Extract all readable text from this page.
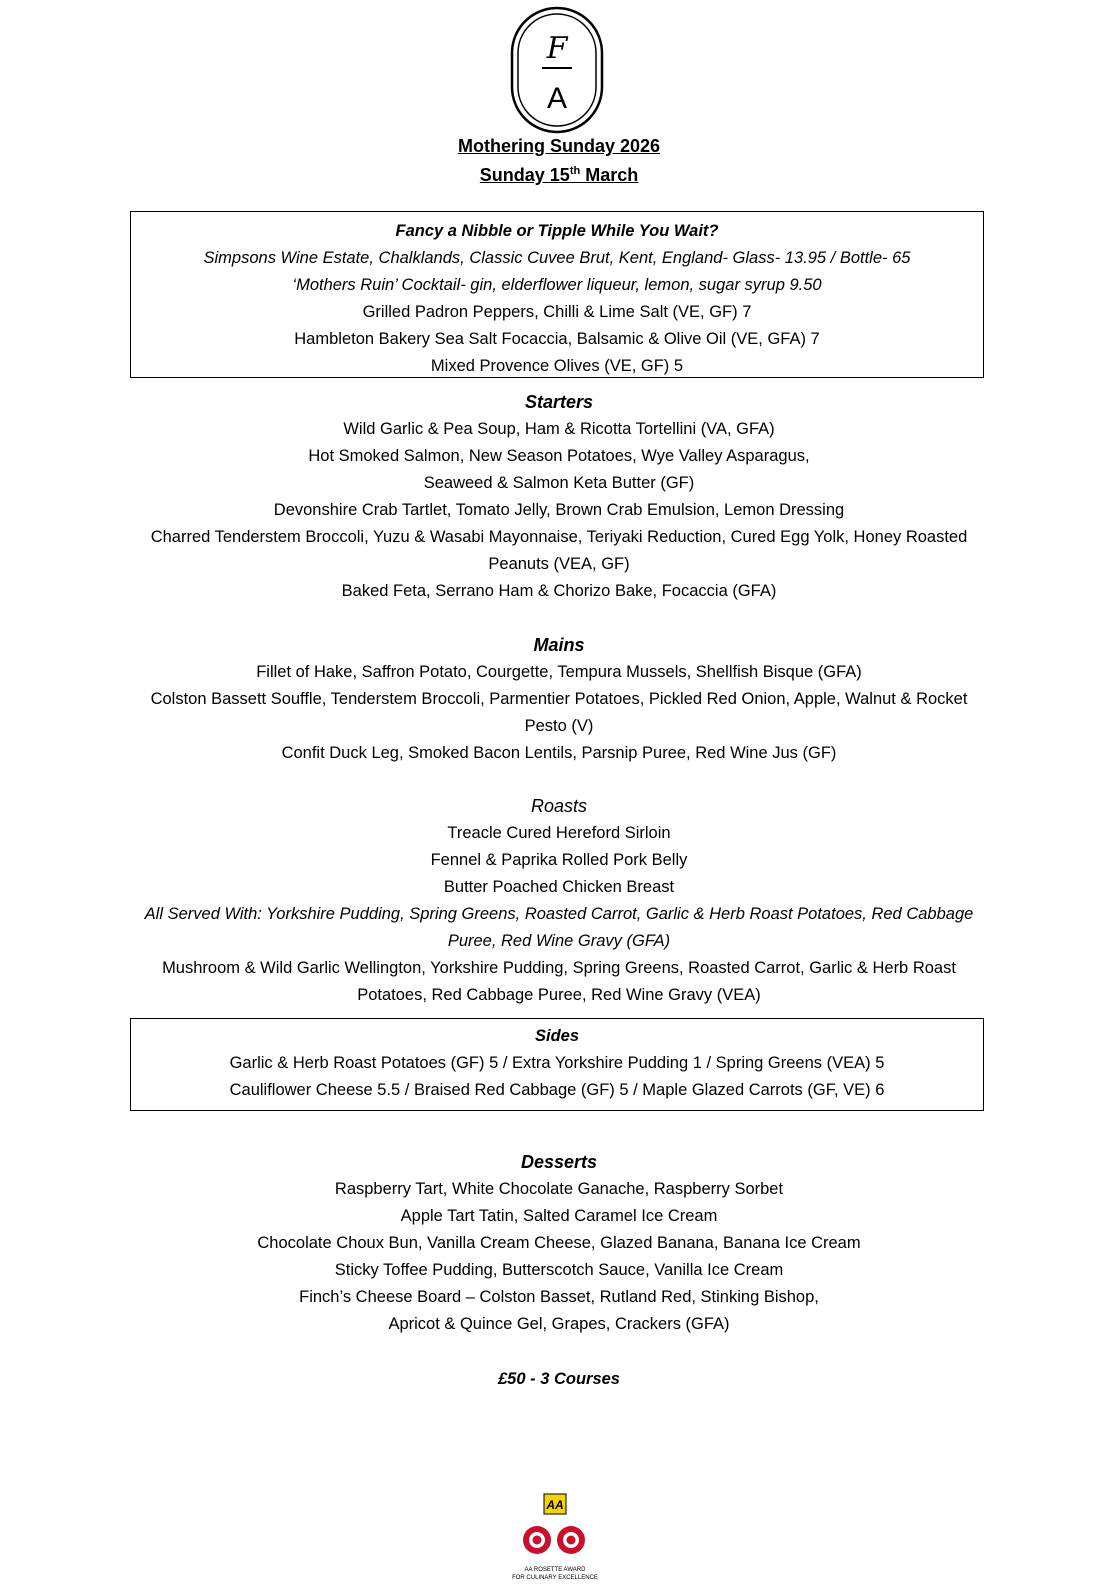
F
A
Mothering Sunday 2026
Sunday 15th March
Fancy a Nibble or Tipple While You Wait?
Simpsons Wine Estate, Chalklands, Classic Cuvee Brut, Kent, England- Glass- 13.95 / Bottle- 65
‘Mothers Ruin’ Cocktail- gin, elderflower liqueur, lemon, sugar syrup 9.50
Grilled Padron Peppers, Chilli & Lime Salt (VE, GF) 7
Hambleton Bakery Sea Salt Focaccia, Balsamic & Olive Oil (VE, GFA) 7
Mixed Provence Olives (VE, GF) 5
Starters
Wild Garlic & Pea Soup, Ham & Ricotta Tortellini (VA, GFA)
Hot Smoked Salmon, New Season Potatoes, Wye Valley Asparagus,
Seaweed & Salmon Keta Butter (GF)
Devonshire Crab Tartlet, Tomato Jelly, Brown Crab Emulsion, Lemon Dressing
Charred Tenderstem Broccoli, Yuzu & Wasabi Mayonnaise, Teriyaki Reduction, Cured Egg Yolk, Honey Roasted Peanuts (VEA, GF)
Baked Feta, Serrano Ham & Chorizo Bake, Focaccia (GFA)
Mains
Fillet of Hake, Saffron Potato, Courgette, Tempura Mussels, Shellfish Bisque (GFA)
Colston Bassett Souffle, Tenderstem Broccoli, Parmentier Potatoes, Pickled Red Onion, Apple, Walnut & Rocket Pesto (V)
Confit Duck Leg, Smoked Bacon Lentils, Parsnip Puree, Red Wine Jus (GF)
Roasts
Treacle Cured Hereford Sirloin
Fennel & Paprika Rolled Pork Belly
Butter Poached Chicken Breast
All Served With: Yorkshire Pudding, Spring Greens, Roasted Carrot, Garlic & Herb Roast Potatoes, Red Cabbage Puree, Red Wine Gravy (GFA)
Mushroom & Wild Garlic Wellington, Yorkshire Pudding, Spring Greens, Roasted Carrot, Garlic & Herb Roast Potatoes, Red Cabbage Puree, Red Wine Gravy (VEA)
Sides
Garlic & Herb Roast Potatoes (GF) 5 / Extra Yorkshire Pudding 1 / Spring Greens (VEA) 5
Cauliflower Cheese 5.5 / Braised Red Cabbage (GF) 5 / Maple Glazed Carrots (GF, VE) 6
Desserts
Raspberry Tart, White Chocolate Ganache, Raspberry Sorbet
Apple Tart Tatin, Salted Caramel Ice Cream
Chocolate Choux Bun, Vanilla Cream Cheese, Glazed Banana, Banana Ice Cream
Sticky Toffee Pudding, Butterscotch Sauce, Vanilla Ice Cream
Finch’s Cheese Board – Colston Basset, Rutland Red, Stinking Bishop,
Apricot & Quince Gel, Grapes, Crackers (GFA)
£50 - 3 Courses
AA
AA ROSETTE AWARD
FOR CULINARY EXCELLENCE
